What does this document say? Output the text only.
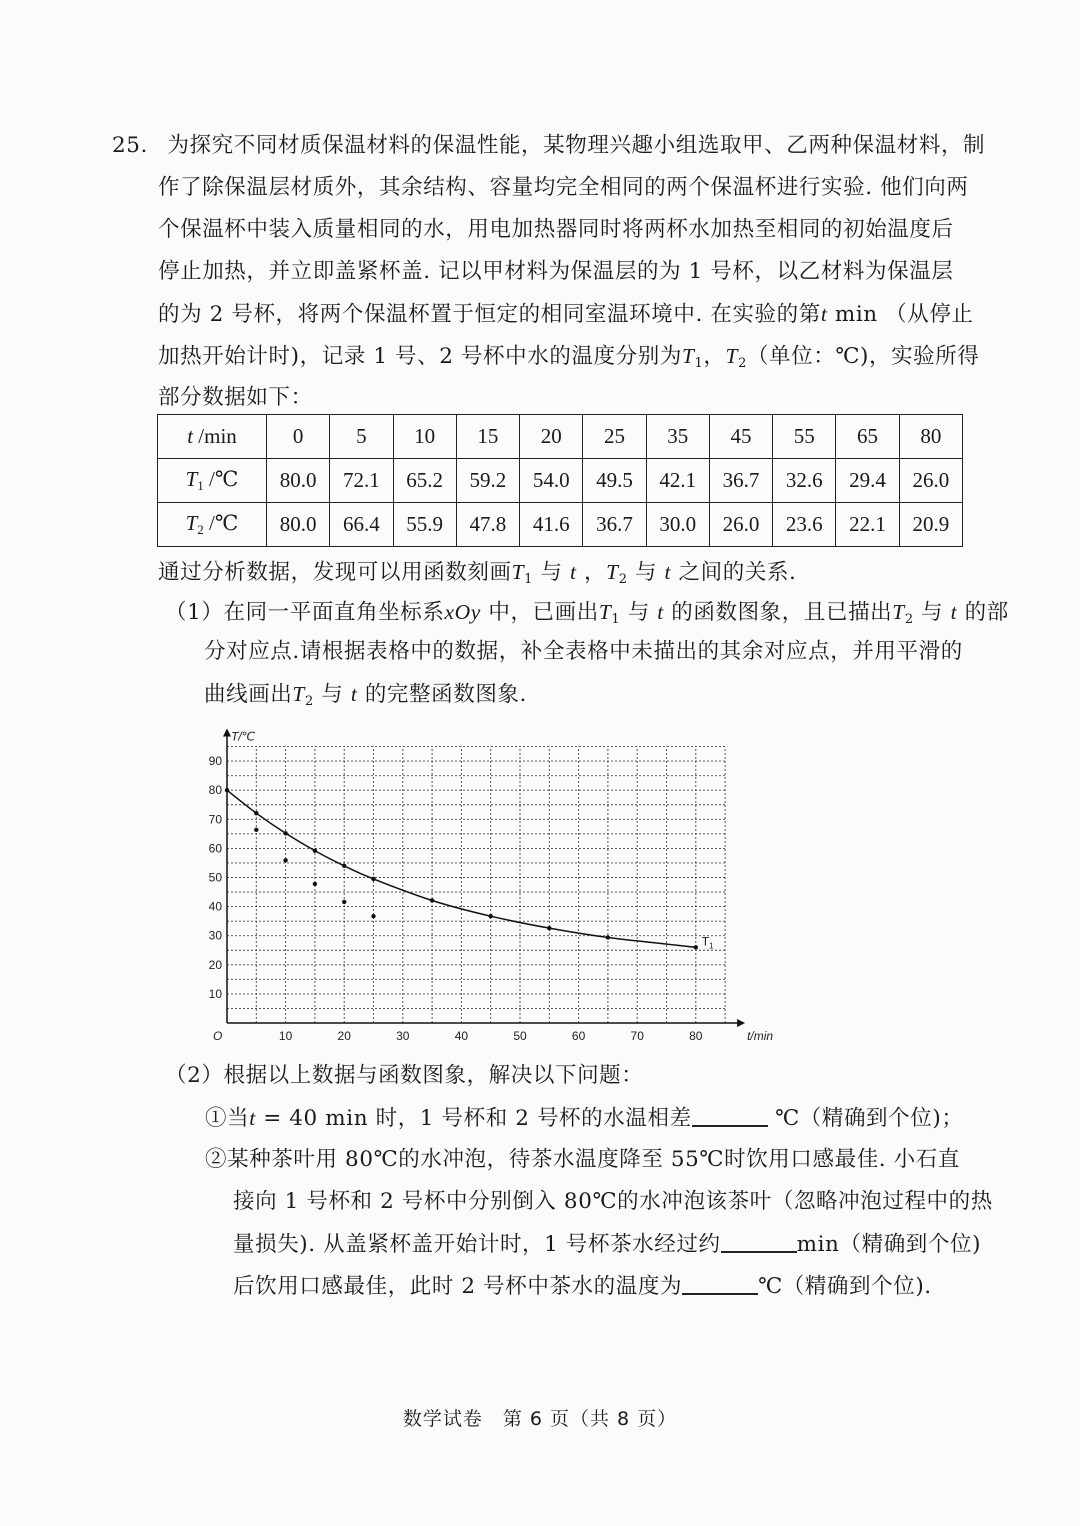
25. 为探究不同材质保温材料的保温性能，某物理兴趣小组选取甲、乙两种保温材料，制
作了除保温层材质外，其余结构、容量均完全相同的两个保温杯进行实验. 他们向两
个保温杯中装入质量相同的水，用电加热器同时将两杯水加热至相同的初始温度后
停止加热，并立即盖紧杯盖. 记以甲材料为保温层的为 1 号杯，以乙材料为保温层
的为 2 号杯，将两个保温杯置于恒定的相同室温环境中. 在实验的第t min （从停止
加热开始计时)，记录 1 号、2 号杯中水的温度分别为$T_1$，$T_2$（单位：℃)，实验所得
部分数据如下：
t /min	0	5	10	15	20	25	35	45	55	65	80
$T_1$ /℃	80.0	72.1	65.2	59.2	54.0	49.5	42.1	36.7	32.6	29.4	26.0
$T_2$ /℃	80.0	66.4	55.9	47.8	41.6	36.7	30.0	26.0	23.6	22.1	20.9
通过分析数据，发现可以用函数刻画$T_1$ 与 t ，$T_2$ 与 t 之间的关系.
（1）在同一平面直角坐标系xOy 中，已画出$T_1$ 与 t 的函数图象，且已描出$T_2$ 与 t 的部
分对应点.请根据表格中的数据，补全表格中未描出的其余对应点，并用平滑的
曲线画出$T_2$ 与 t 的完整函数图象.
10	20	30	40	50	60	70	80
10
20
30
40
50
60
70
80
90
O
T/℃
t/min
$T_1$
（2）根据以上数据与函数图象，解决以下问题：
①当t = 40 min 时，1 号杯和 2 号杯的水温相差	℃（精确到个位)；
②某种茶叶用 80℃的水冲泡，待茶水温度降至 55℃时饮用口感最佳. 小石直
接向 1 号杯和 2 号杯中分别倒入 80℃的水冲泡该茶叶（忽略冲泡过程中的热
量损失). 从盖紧杯盖开始计时，1 号杯茶水经过约	min（精确到个位)
后饮用口感最佳，此时 2 号杯中茶水的温度为	℃（精确到个位).
数学试卷　第 6 页（共 8 页）
